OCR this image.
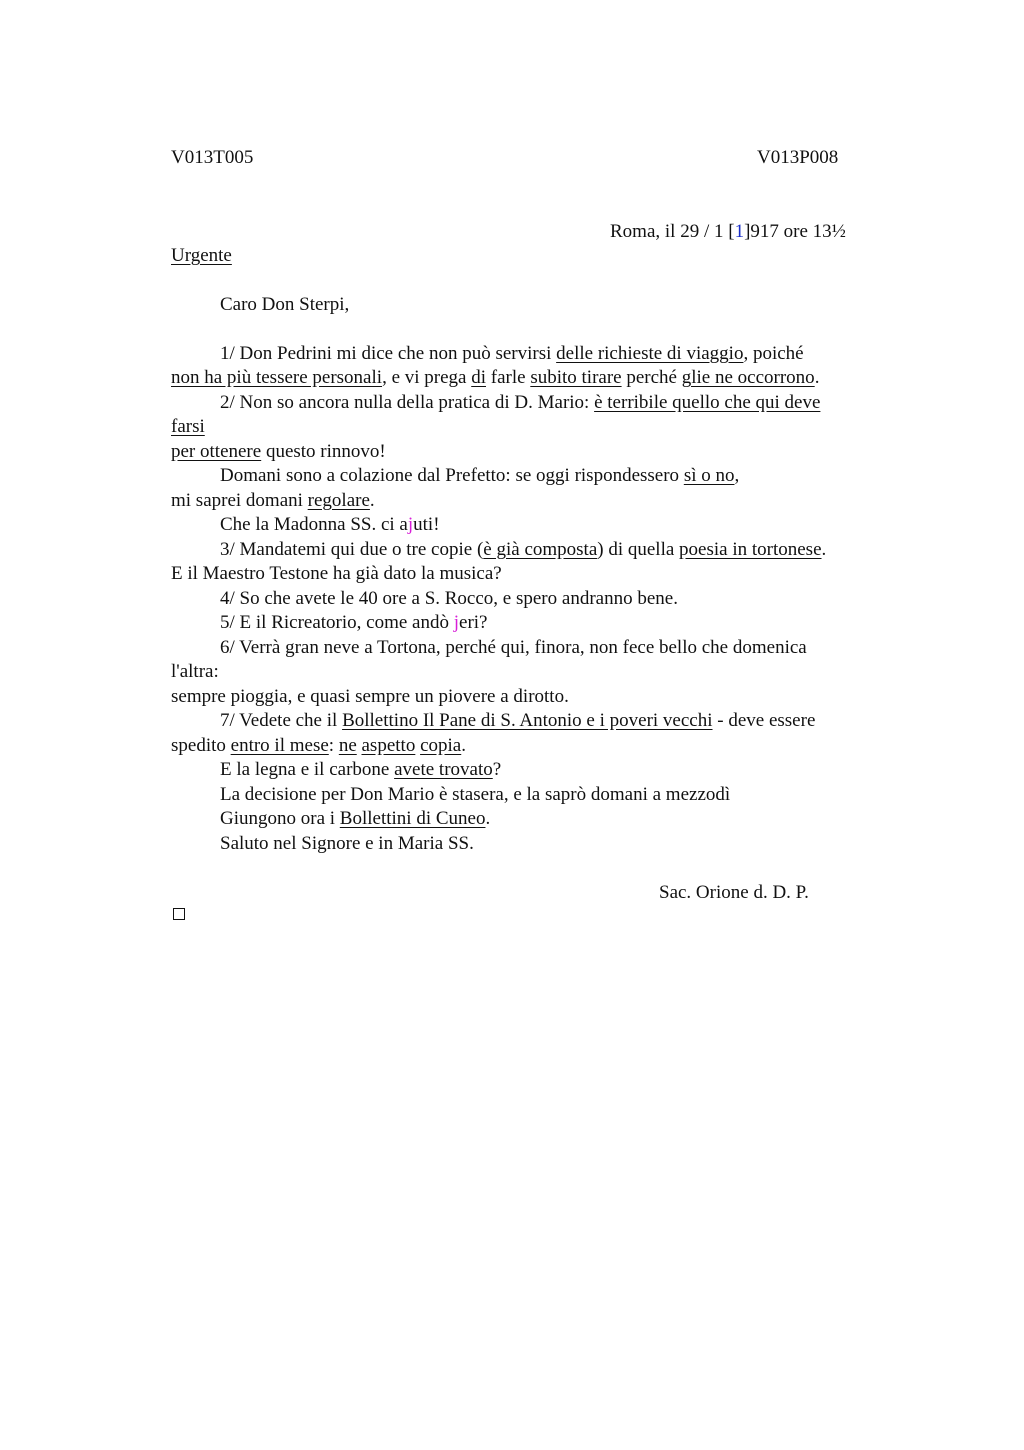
V013T005	V013P008
Roma, il 29 / 1 [1]917 ore 13½
Urgente
Caro Don Sterpi,
1/ Don Pedrini mi dice che non può servirsi delle richieste di viaggio, poiché
non ha più tessere personali, e vi prega di farle subito tirare perché glie ne occorrono.
2/ Non so ancora nulla della pratica di D. Mario: è terribile quello che qui deve
farsi
per ottenere questo rinnovo!
Domani sono a colazione dal Prefetto: se oggi rispondessero sì o no,
mi saprei domani regolare.
Che la Madonna SS. ci ajuti!
3/ Mandatemi qui due o tre copie (è già composta) di quella poesia in tortonese.
E il Maestro Testone ha già dato la musica?
4/ So che avete le 40 ore a S. Rocco, e spero andranno bene.
5/ E il Ricreatorio, come andò jeri?
6/ Verrà gran neve a Tortona, perché qui, finora, non fece bello che domenica
l'altra:
sempre pioggia, e quasi sempre un piovere a dirotto.
7/ Vedete che il Bollettino Il Pane di S. Antonio e i poveri vecchi - deve essere
spedito entro il mese: ne aspetto copia.
E la legna e il carbone avete trovato?
La decisione per Don Mario è stasera, e la saprò domani a mezzodì
Giungono ora i Bollettini di Cuneo.
Saluto nel Signore e in Maria SS.
Sac. Orione d. D. P.
